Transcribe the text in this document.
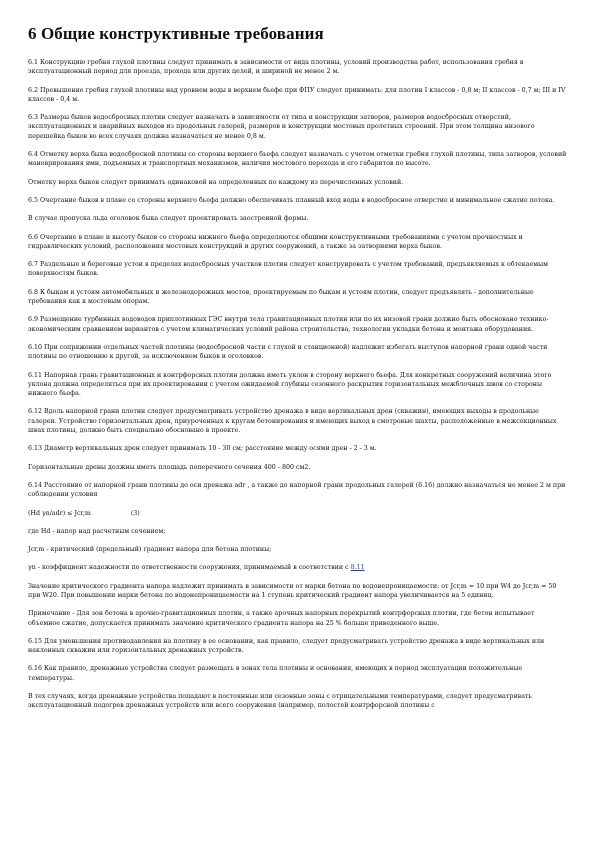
6 Общие конструктивные требования

6.1 Конструкцию гребня глухой плотины следует принимать в зависимости от вида плотины, условий производства работ, использования гребня в эксплуатационный период для проезда, прохода или других целей, и шириной не менее 2 м.

6.2 Превышение гребня глухой плотины над уровнем воды в верхнем бьефе при ФПУ следует принимать: для плотин I классов - 0,8 м; II классов - 0,7 м; III и IV классов - 0,4 м.

6.3 Размеры быков водосбросных плотин следует назначать в зависимости от типа и конструкции затворов, размеров водосбросных отверстий, эксплуатационных и аварийных выходов из продольных галерей, размеров и конструкции мостовых пролетных строений. При этом толщина низового перешейка быков во всех случаях должна назначаться не менее 0,8 м.

6.4 Отметку верха быка водосбросной плотины со стороны верхнего бьефа следует назначать с учетом отметки гребня глухой плотины, типа затворов, условий маневрирования ими, подъемных и транспортных механизмов, наличия мостового перехода и его габаритов по высоте.

Отметку верха быков следует принимать одинаковой на определенных по каждому из перечисленных условий.

6.5 Очертание быков в плане со стороны верхнего бьефа должно обеспечивать плавный вход воды в водосбросное отверстие и минимальное сжатие потока.

В случае пропуска льда оголовок быка следует проектировать заостренной формы.

6.6 Очертание в плане и высоту быков со стороны нижнего бьефа определяются общими конструктивными требованиями с учетом прочностных и гидравлических условий, расположения мостовых конструкций и других сооружений, а также за затвориями верха быков.

6.7 Раздельные и береговые устои в пределах водосбросных участков плотин следует конструировать с учетом требований, предъявляемых к обтекаемым поверхностям быков.

6.8 К быкам и устоям автомобильных и железнодорожных мостов, проектируемым по быкам и устоям плотин, следует предъявлять - дополнительные требования как к мостовым опорам.

6.9 Размещение турбинных водоводов приплотинных ГЭС внутри тела гравитационных плотин или по их низовой грани должно быть обосновано технико-экономическим сравнением вариантов с учетом климатических условий района строительства, технологии укладки бетона и монтажа оборудования.

6.10 При сопряжении отдельных частей плотины (водосбросной части с глухой и станционной) надлежит избегать выступов напорной грани одной части плотины по отношению к другой, за исключением быков и оголовков.

6.11 Напорная грань гравитационных и контрфорсных плотин должна иметь уклон в сторону верхнего бьефа. Для конкретных сооружений величина этого уклона должна определяться при их проектировании с учетом ожидаемой глубины сезонного раскрытия горизонтальных межблочных швов со стороны нижнего бьефа.

6.12 Вдоль напорной грани плотин следует предусматривать устройство дренажа в виде вертикальных дрен (скважин), имеющих выходы в продольные галереи. Устройство горизонтальных дрен, приуроченных к кругам бетонирования и имеющих выход в смотровые шахты, расположенные в межсекционных швах плотины, должно быть специально обосновано в проекте.

6.13 Диаметр вертикальных дрен следует принимать 10 - 30 см; расстояние между осями дрен - 2 - 3 м.

Горизонтальные дрены должны иметь площадь поперечного сечения 400 - 800 см2.

6.14 Расстояние от напорной грани плотины до оси дренажа adr , а также до напорной грани продольных галерей (6.16) должно назначаться не менее 2 м при соблюдении условия

(Hd γn/adr) ≤ Jcr,m                    (3)

где Hd - напор над расчетным сечением;

Jcr,m - критический (предельный) градиент напора для бетона плотины;

γn - коэффициент надежности по ответственности сооружения, принимаемый в соответствии с 8.11

Значение критического градиента напора надлежит принимать в зависимости от марки бетона по водонепроницаемости: от Jcr,m = 10 при W4 до Jcr,m = 50 при W20. При повышении марки бетона по водонепроницаемости на 1 ступень критический градиент напора увеличивается на 5 единиц.

Примечание - Для зон бетона в арочно-гравитационных плотин, а также арочных напорных перекрытий контрфорсных плотин, где бетон испытывает объемное сжатие, допускается принимать значение критического градиента напора на 25 % больше приведенного выше.

6.15 Для уменьшения противодавления на плотину в ее основании, как правило, следует предусматривать устройство дренажа в виде вертикальных или наклонных скважин или горизонтальных дренажных устройств.

6.16 Как правило, дренажные устройства следует размещать в зонах тела плотины и основания, имеющих в период эксплуатации положительные температуры.

В тех случаях, когда дренажные устройства попадают в постоянные или сезонные зоны с отрицательными температурами, следует предусматривать эксплуатационный подогрев дренажных устройств или всего сооружения (например, полостей контрфорсной плотины с
